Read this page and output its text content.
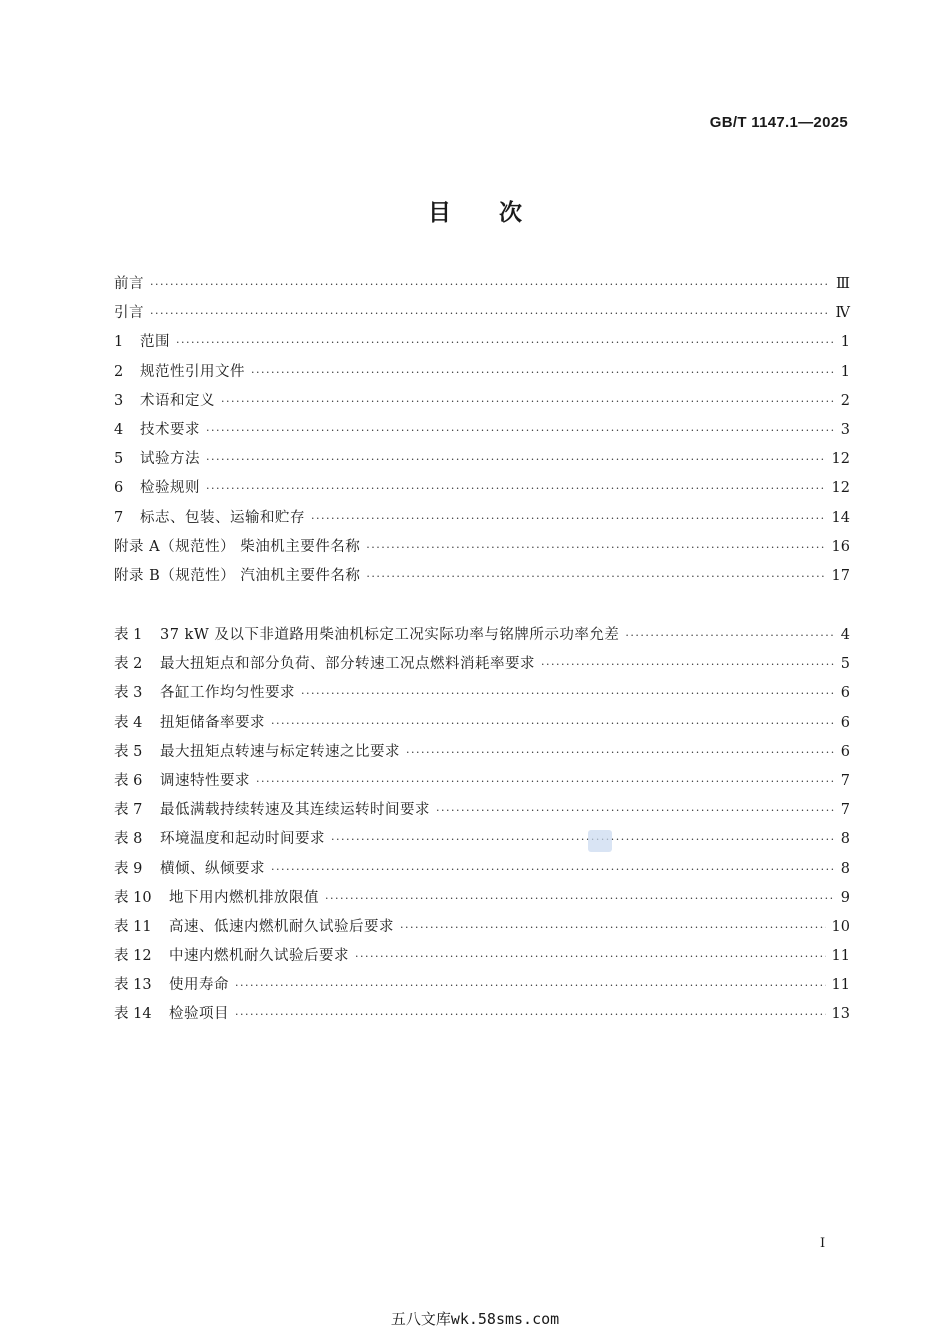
GB/T 1147.1—2025
目次
前言 ·····	Ⅲ
引言 ·····	Ⅳ
1	范围 ·····	1
2	规范性引用文件 ·····	1
3	术语和定义 ·····	2
4	技术要求 ·····	3
5	试验方法 ·····	12
6	检验规则 ·····	12
7	标志、包装、运输和贮存 ·····	14
附录 A（规范性） 柴油机主要件名称 ·····	16
附录 B（规范性） 汽油机主要件名称 ·····	17
表 1	37 kW 及以下非道路用柴油机标定工况实际功率与铭牌所示功率允差 ·····	4
表 2	最大扭矩点和部分负荷、部分转速工况点燃料消耗率要求 ·····	5
表 3	各缸工作均匀性要求 ·····	6
表 4	扭矩储备率要求 ·····	6
表 5	最大扭矩点转速与标定转速之比要求 ·····	6
表 6	调速特性要求 ·····	7
表 7	最低满载持续转速及其连续运转时间要求 ·····	7
表 8	环境温度和起动时间要求 ·····	8
表 9	横倾、纵倾要求 ·····	8
表 10	地下用内燃机排放限值 ·····	9
表 11	高速、低速内燃机耐久试验后要求 ·····	10
表 12	中速内燃机耐久试验后要求 ·····	11
表 13	使用寿命 ·····	11
表 14	检验项目 ·····	13
Ⅰ
五八文库wk.58sms.com
